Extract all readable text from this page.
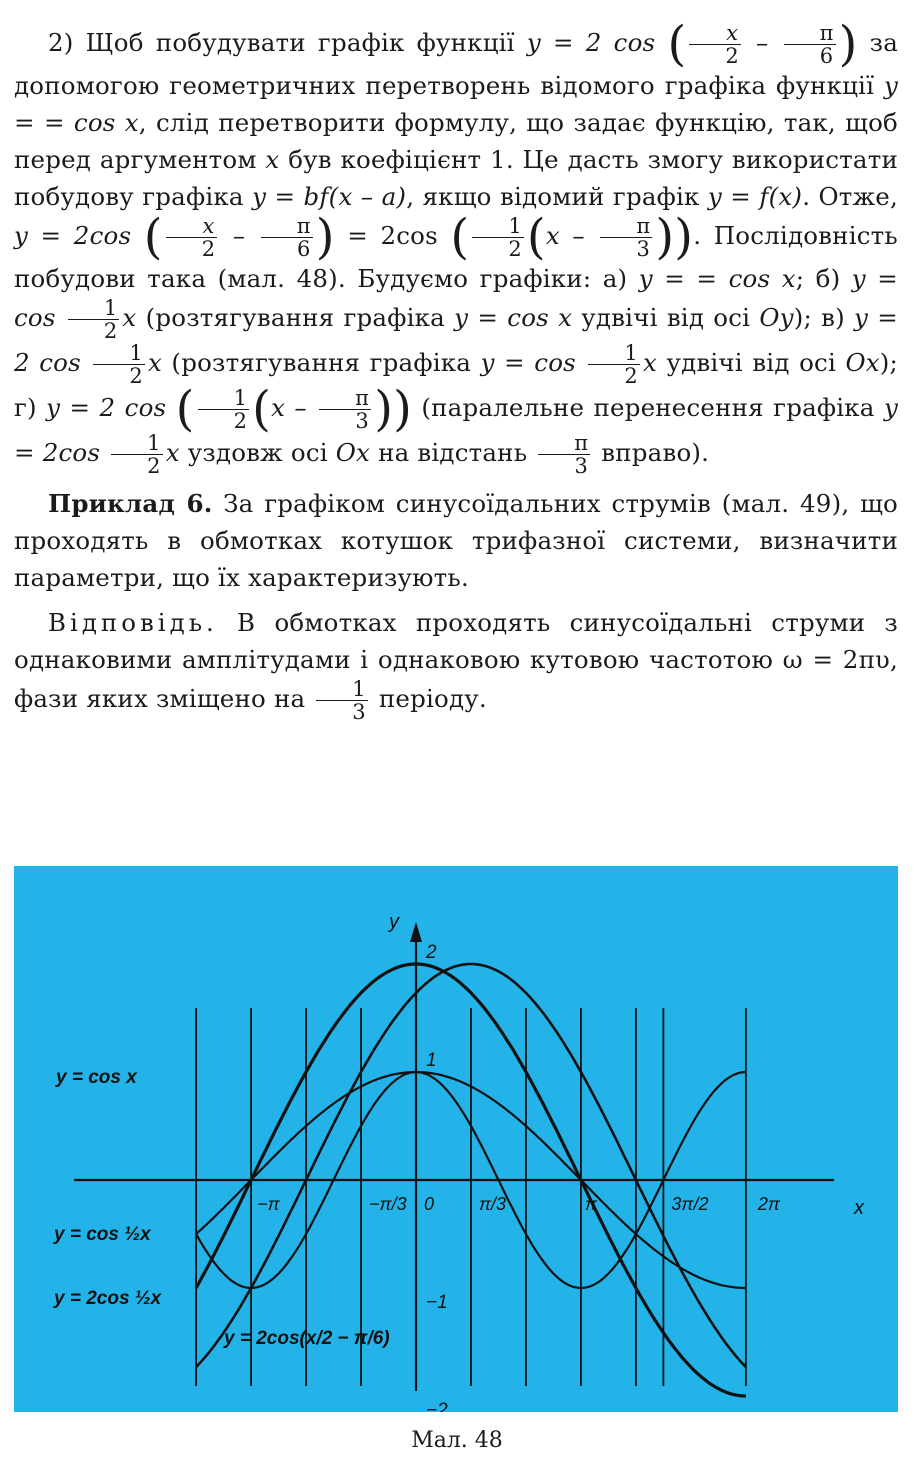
2) Щоб побудувати графік функції y = 2 cos ( $\frac{x}{2} - \frac{\pi}{6}$ ) за допомогою геометричних перетворень відомого графіка функції y = = cos x, слід перетворити формулу, що задає функцію, так, щоб перед аргументом x був коефіцієнт 1. Це дасть змогу використати побудову графіка y = bf(x – a), якщо відомий графік y = f(x). Отже, y = 2cos ( $\frac{x}{2} - \frac{\pi}{6}$ ) = 2cos ( $\frac{1}{2} (x - \frac{\pi}{3}$ )). Послідовність побудови така (мал. 48). Будуємо графіки: а) y = = cos x; б) $y = \cos \frac{1}{2}$ x (розтягування графіка y = cos x удвічі від осі Oy); в) y = 2 $\cos \frac{1}{2}$ x (розтягування графіка $y = \cos \frac{1}{2}$ x удвічі від осі Ox); г) y = 2 cos ( $\frac{1}{2} (x - \frac{\pi}{3}$ )) (паралельне перенесення графіка $y = 2\cos \frac{1}{2}$ x уздовж осі Ox на відстань $\frac{\pi}{3}$ вправо).

Приклад 6. За графіком синусоїдальних струмів (мал. 49), що проходять в обмотках котушок трифазної системи, визначити параметри, що їх характеризують.

Відповідь. В обмотках проходять синусоїдальні струми з однаковими амплітудами і однаковою кутовою частотою ω = 2πυ, фази яких зміщено на $\frac{1}{3}$ періоду.

y
x
−π	−π/3 0 π/3	π	3π/2	2π
2
1
−1
−2
y = cos x
y = cos ½x
y = 2cos ½x
y = 2cos(x/2 − π/6)
Мал. 48
